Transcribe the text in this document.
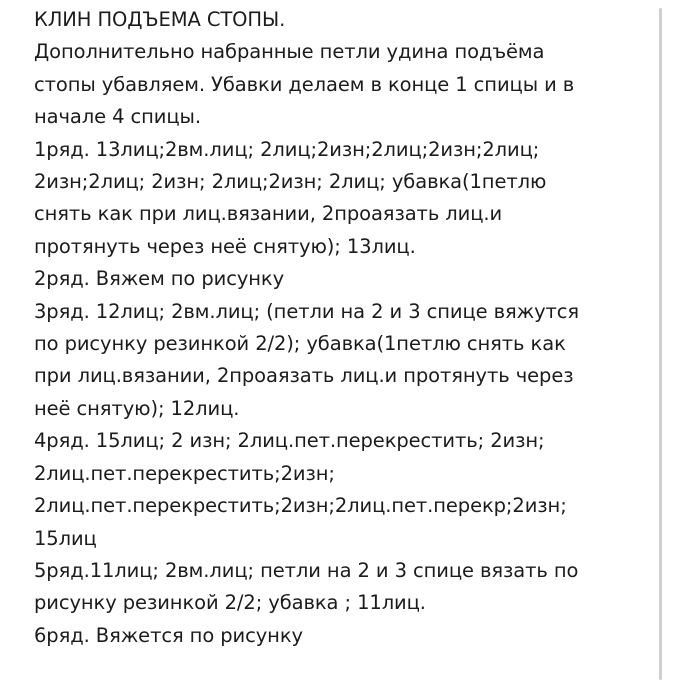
КЛИН ПОДЪЕМА СТОПЫ.
Дополнительно набранные петли удина подъёма
стопы убавляем. Убавки делаем в конце 1 спицы и в
начале 4 спицы.
1ряд. 13лиц;2вм.лиц; 2лиц;2изн;2лиц;2изн;2лиц;
2изн;2лиц; 2изн; 2лиц;2изн; 2лиц; убавка(1петлю
снять как при лиц.вязании, 2проаязать лиц.и
протянуть через неё снятую); 13лиц.
2ряд. Вяжем по рисунку
3ряд. 12лиц; 2вм.лиц; (петли на 2 и 3 спице вяжутся
по рисунку резинкой 2/2); убавка(1петлю снять как
при лиц.вязании, 2проаязать лиц.и протянуть через
неё снятую); 12лиц.
4ряд. 15лиц; 2 изн; 2лиц.пет.перекрестить; 2изн;
2лиц.пет.перекрестить;2изн;
2лиц.пет.перекрестить;2изн;2лиц.пет.перекр;2изн;
15лиц
5ряд.11лиц; 2вм.лиц; петли на 2 и 3 спице вязать по
рисунку резинкой 2/2; убавка ; 11лиц.
6ряд. Вяжется по рисунку
